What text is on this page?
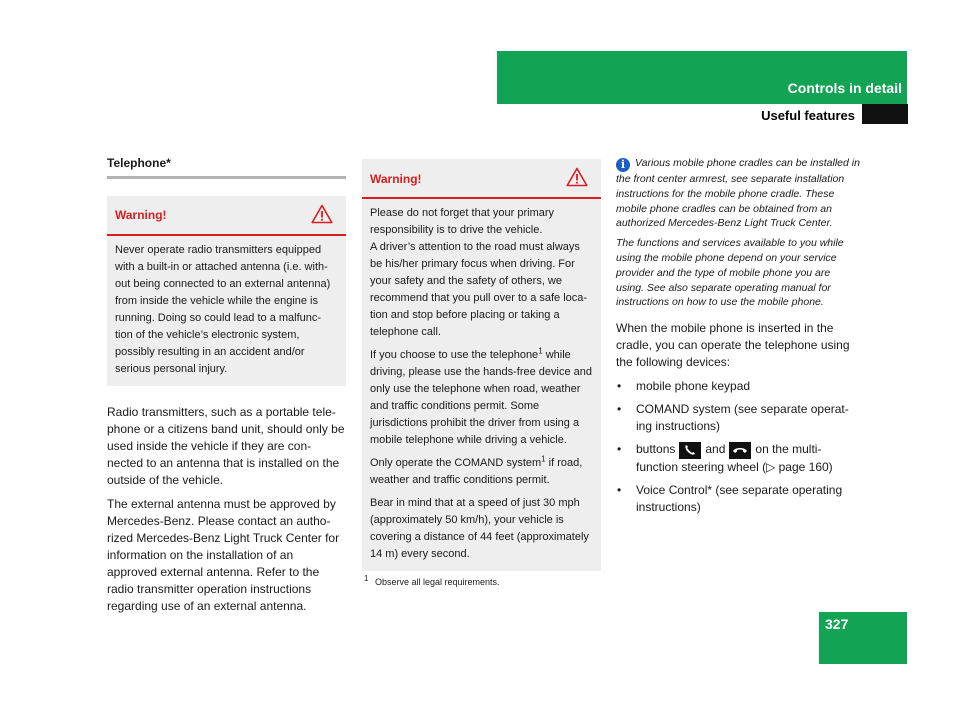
Controls in detail
Useful features
Telephone*
Warning!

Never operate radio transmitters equipped with a built-in or attached antenna (i.e. with-out being connected to an external antenna) from inside the vehicle while the engine is running. Doing so could lead to a malfunc-tion of the vehicle’s electronic system, possibly resulting in an accident and/or serious personal injury.

Radio transmitters, such as a portable tele-phone or a citizens band unit, should only be used inside the vehicle if they are con-nected to an antenna that is installed on the outside of the vehicle.

The external antenna must be approved by Mercedes-Benz. Please contact an autho-rized Mercedes-Benz Light Truck Center for information on the installation of an approved external antenna. Refer to the radio transmitter operation instructions regarding use of an external antenna.

Warning!

Please do not forget that your primary responsibility is to drive the vehicle.
A driver’s attention to the road must always be his/her primary focus when driving. For your safety and the safety of others, we recommend that you pull over to a safe loca-tion and stop before placing or taking a telephone call.

If you choose to use the telephone$^1$ while driving, please use the hands-free device and only use the telephone when road, weather and traffic conditions permit. Some jurisdictions prohibit the driver from using a mobile telephone while driving a vehicle.

Only operate the COMAND system$^1$ if road, weather and traffic conditions permit.

Bear in mind that at a speed of just 30 mph (approximately 50 km/h), your vehicle is covering a distance of 44 feet (approximately 14 m) every second.

$^1$ Observe all legal requirements.

i Various mobile phone cradles can be installed in the front center armrest, see separate installation instructions for the mobile phone cradle. These mobile phone cradles can be obtained from an authorized Mercedes-Benz Light Truck Center.

The functions and services available to you while using the mobile phone depend on your service provider and the type of mobile phone you are using. See also separate operating manual for instructions on how to use the mobile phone.

When the mobile phone is inserted in the cradle, you can operate the telephone using the following devices:

• mobile phone keypad
• COMAND system (see separate operat-ing instructions)
• buttons	and	on the multi-function steering wheel (▷ page 160)
• Voice Control* (see separate operating instructions)
327
